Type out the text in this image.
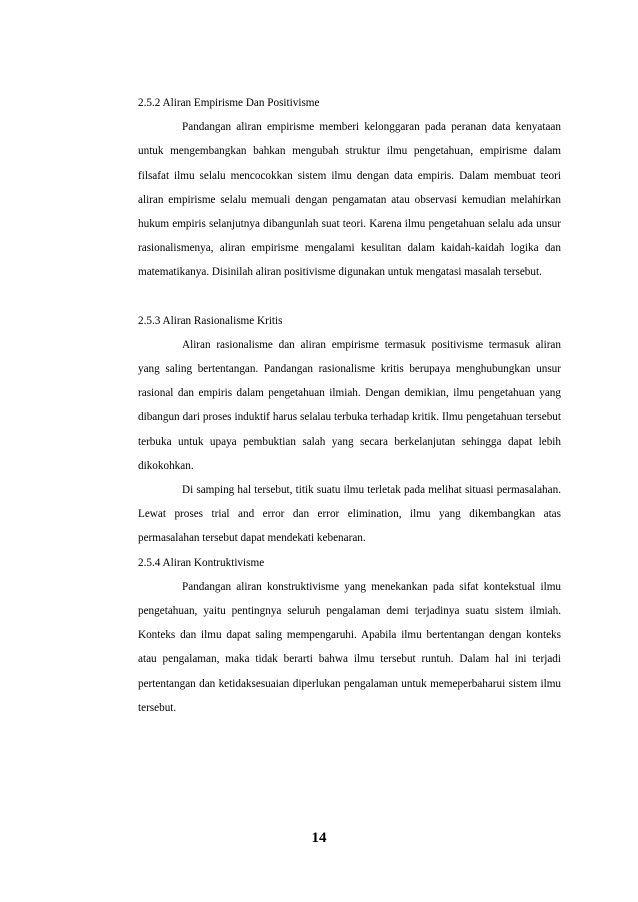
2.5.2 Aliran Empirisme Dan Positivisme

Pandangan aliran empirisme memberi kelonggaran pada peranan data kenyataan untuk mengembangkan bahkan mengubah struktur ilmu pengetahuan, empirisme dalam filsafat ilmu selalu mencocokkan sistem ilmu dengan data empiris. Dalam membuat teori aliran empirisme selalu memuali dengan pengamatan atau observasi kemudian melahirkan hukum empiris selanjutnya dibangunlah suat teori. Karena ilmu pengetahuan selalu ada unsur rasionalismenya, aliran empirisme mengalami kesulitan dalam kaidah-kaidah logika dan matematikanya. Disinilah aliran positivisme digunakan untuk mengatasi masalah tersebut.

2.5.3 Aliran Rasionalisme Kritis

Aliran rasionalisme dan aliran empirisme termasuk positivisme termasuk aliran yang saling bertentangan. Pandangan rasionalisme kritis berupaya menghubungkan unsur rasional dan empiris dalam pengetahuan ilmiah. Dengan demikian, ilmu pengetahuan yang dibangun dari proses induktif harus selalau terbuka terhadap kritik. Ilmu pengetahuan tersebut terbuka untuk upaya pembuktian salah yang secara berkelanjutan sehingga dapat lebih dikokohkan.

Di samping hal tersebut, titik suatu ilmu terletak pada melihat situasi permasalahan. Lewat proses trial and error dan error elimination, ilmu yang dikembangkan atas permasalahan tersebut dapat mendekati kebenaran.

2.5.4 Aliran Kontruktivisme

Pandangan aliran konstruktivisme yang menekankan pada sifat kontekstual ilmu pengetahuan, yaitu pentingnya seluruh pengalaman demi terjadinya suatu sistem ilmiah. Konteks dan ilmu dapat saling mempengaruhi. Apabila ilmu bertentangan dengan konteks atau pengalaman, maka tidak berarti bahwa ilmu tersebut runtuh. Dalam hal ini terjadi pertentangan dan ketidaksesuaian diperlukan pengalaman untuk memeperbaharui sistem ilmu tersebut.

14
